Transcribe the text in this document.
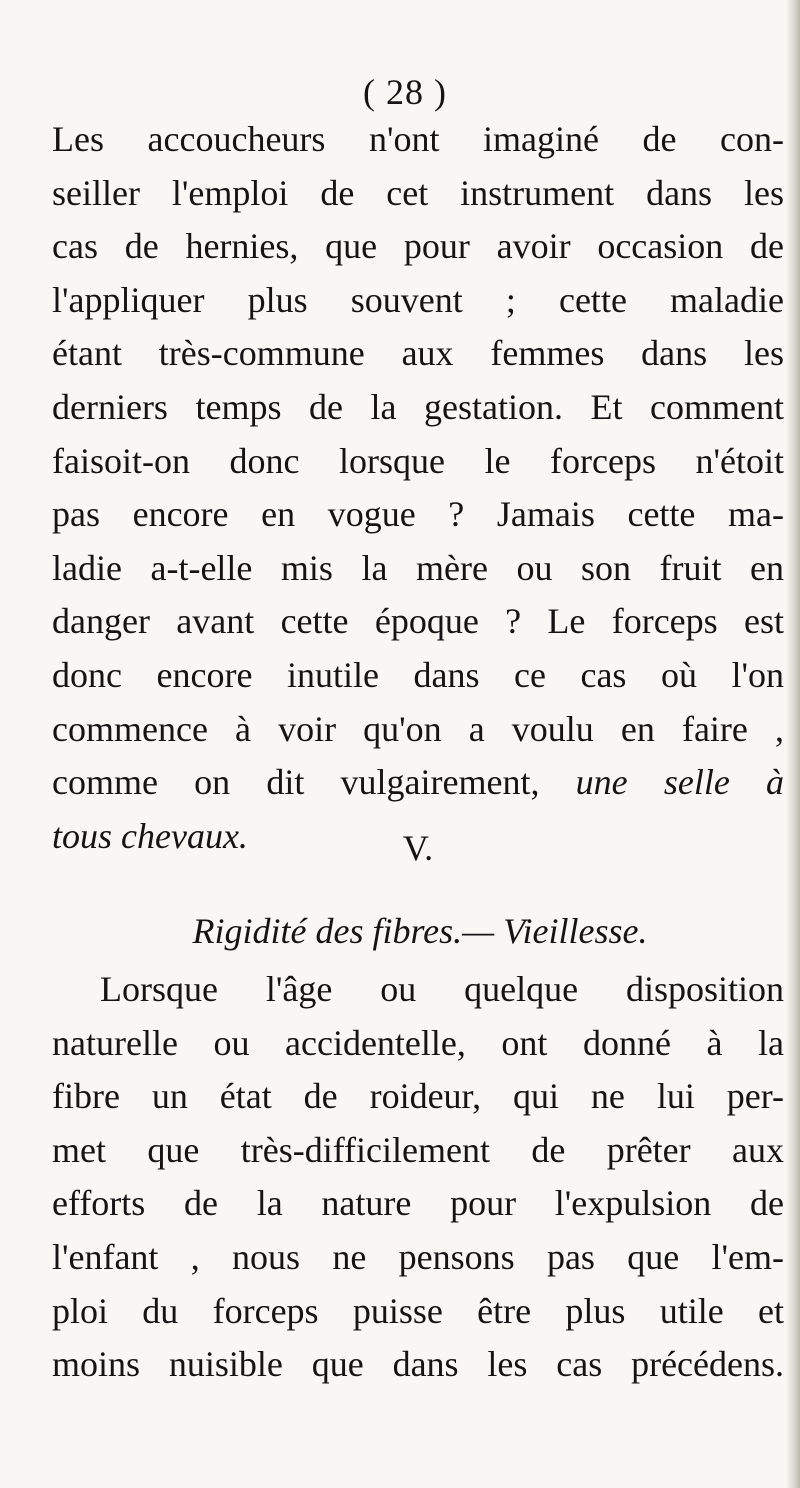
( 28 )
Les accoucheurs n'ont imaginé de con-
seiller l'emploi de cet instrument dans les
cas de hernies, que pour avoir occasion de
l'appliquer plus souvent ; cette maladie
étant très-commune aux femmes dans les
derniers temps de la gestation. Et comment
faisoit-on donc lorsque le forceps n'étoit
pas encore en vogue ? Jamais cette ma-
ladie a-t-elle mis la mère ou son fruit en
danger avant cette époque ? Le forceps est
donc encore inutile dans ce cas où l'on
commence à voir qu'on a voulu en faire ,
comme on dit vulgairement, une selle à
tous chevaux.	V.
Rigidité des fibres.— Vieillesse.
Lorsque l'âge ou quelque disposition
naturelle ou accidentelle, ont donné à la
fibre un état de roideur, qui ne lui per-
met que très-difficilement de prêter aux
efforts de la nature pour l'expulsion de
l'enfant , nous ne pensons pas que l'em-
ploi du forceps puisse être plus utile et
moins nuisible que dans les cas précédens.
